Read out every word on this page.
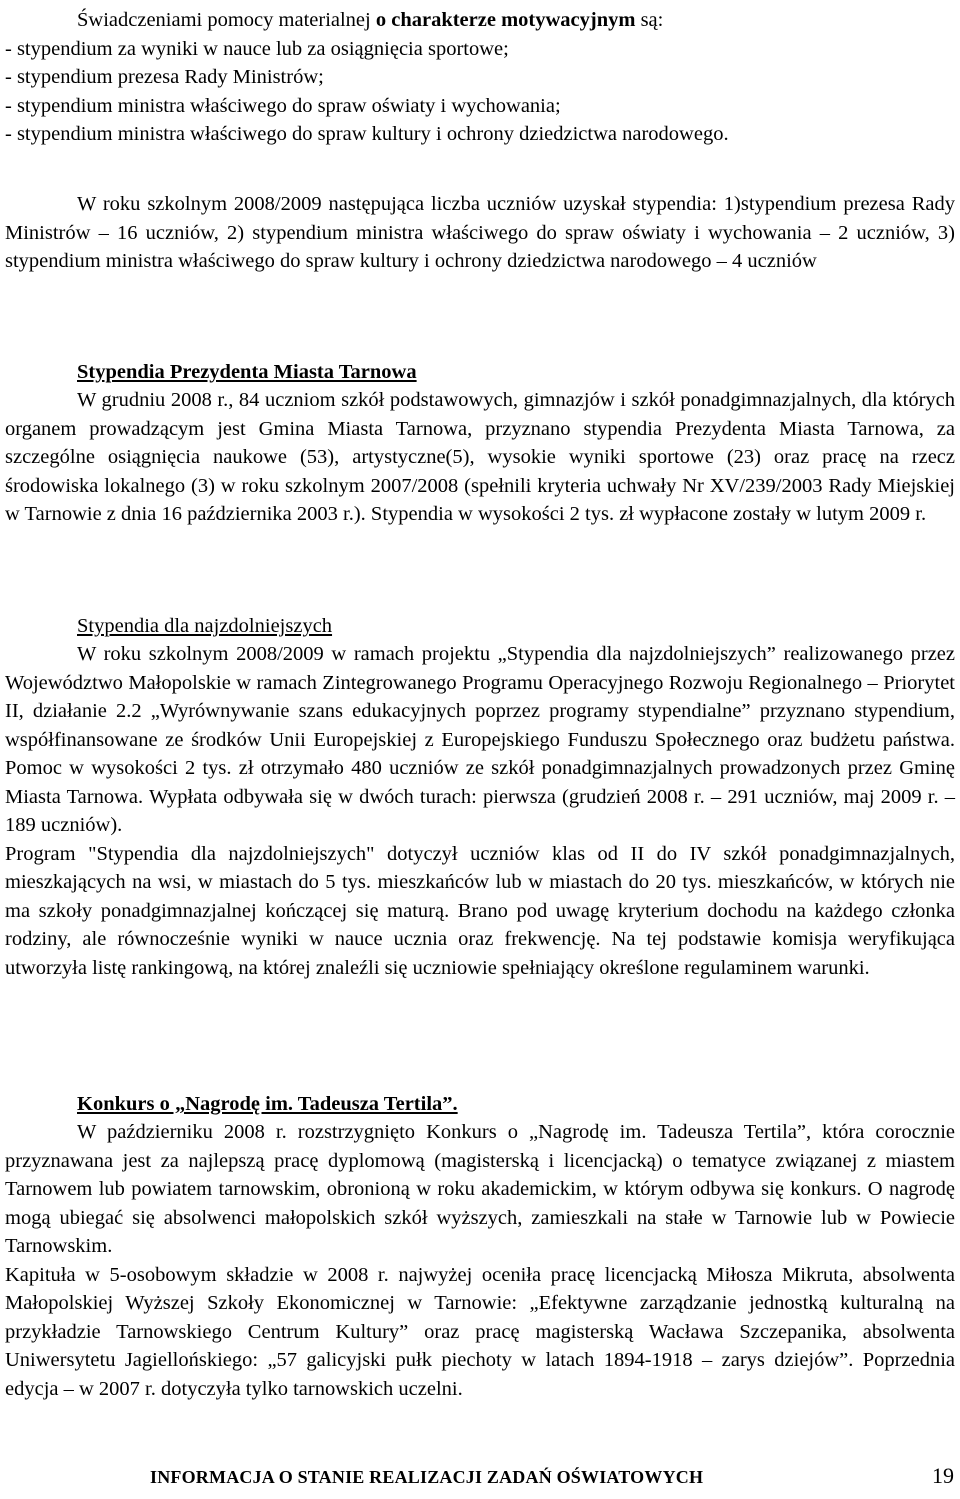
Świadczeniami pomocy materialnej o charakterze motywacyjnym są:
- stypendium za wyniki w nauce lub za osiągnięcia sportowe;
- stypendium prezesa Rady Ministrów;
- stypendium ministra właściwego do spraw oświaty i wychowania;
- stypendium ministra właściwego do spraw kultury i ochrony dziedzictwa narodowego.
W roku szkolnym 2008/2009 następująca liczba uczniów uzyskał stypendia: 1)stypendium prezesa Rady Ministrów – 16 uczniów, 2) stypendium ministra właściwego do spraw oświaty i wychowania – 2 uczniów, 3) stypendium ministra właściwego do spraw kultury i ochrony dziedzictwa narodowego – 4 uczniów
Stypendia Prezydenta Miasta Tarnowa

W grudniu 2008 r., 84 uczniom szkół podstawowych, gimnazjów i szkół ponadgimnazjalnych, dla których organem prowadzącym jest Gmina Miasta Tarnowa, przyznano stypendia Prezydenta Miasta Tarnowa, za szczególne osiągnięcia naukowe (53), artystyczne(5), wysokie wyniki sportowe (23) oraz pracę na rzecz środowiska lokalnego (3) w roku szkolnym 2007/2008 (spełnili kryteria uchwały Nr XV/239/2003 Rady Miejskiej w Tarnowie z dnia 16 października 2003 r.). Stypendia w wysokości 2 tys. zł wypłacone zostały w lutym 2009 r.

Stypendia dla najzdolniejszych

W roku szkolnym 2008/2009 w ramach projektu „Stypendia dla najzdolniejszych” realizowanego przez Województwo Małopolskie w ramach Zintegrowanego Programu Operacyjnego Rozwoju Regionalnego – Priorytet II, działanie 2.2 „Wyrównywanie szans edukacyjnych poprzez programy stypendialne” przyznano stypendium, współfinansowane ze środków Unii Europejskiej z Europejskiego Funduszu Społecznego oraz budżetu państwa. Pomoc w wysokości 2 tys. zł otrzymało 480 uczniów ze szkół ponadgimnazjalnych prowadzonych przez Gminę Miasta Tarnowa. Wypłata odbywała się w dwóch turach: pierwsza (grudzień 2008 r. – 291 uczniów, maj 2009 r. – 189 uczniów).

Program "Stypendia dla najzdolniejszych" dotyczył uczniów klas od II do IV szkół ponadgimnazjalnych, mieszkających na wsi, w miastach do 5 tys. mieszkańców lub w miastach do 20 tys. mieszkańców, w których nie ma szkoły ponadgimnazjalnej kończącej się maturą. Brano pod uwagę kryterium dochodu na każdego członka rodziny, ale równocześnie wyniki w nauce ucznia oraz frekwencję. Na tej podstawie komisja weryfikująca utworzyła listę rankingową, na której znaleźli się uczniowie spełniający określone regulaminem warunki.

Konkurs o „Nagrodę im. Tadeusza Tertila”.

W październiku 2008 r. rozstrzygnięto Konkurs o „Nagrodę im. Tadeusza Tertila”, która corocznie przyznawana jest za najlepszą pracę dyplomową (magisterską i licencjacką) o tematyce związanej z miastem Tarnowem lub powiatem tarnowskim, obronioną w roku akademickim, w którym odbywa się konkurs. O nagrodę mogą ubiegać się absolwenci małopolskich szkół wyższych, zamieszkali na stałe w Tarnowie lub w Powiecie Tarnowskim.

Kapituła w 5-osobowym składzie w 2008 r. najwyżej oceniła pracę licencjacką Miłosza Mikruta, absolwenta Małopolskiej Wyższej Szkoły Ekonomicznej w Tarnowie: „Efektywne zarządzanie jednostką kulturalną na przykładzie Tarnowskiego Centrum Kultury” oraz pracę magisterską Wacława Szczepanika, absolwenta Uniwersytetu Jagiellońskiego: „57 galicyjski pułk piechoty w latach 1894-1918 – zarys dziejów”. Poprzednia edycja – w 2007 r. dotyczyła tylko tarnowskich uczelni.

INFORMACJA O STANIE REALIZACJI ZADAŃ OŚWIATOWYCH	19
